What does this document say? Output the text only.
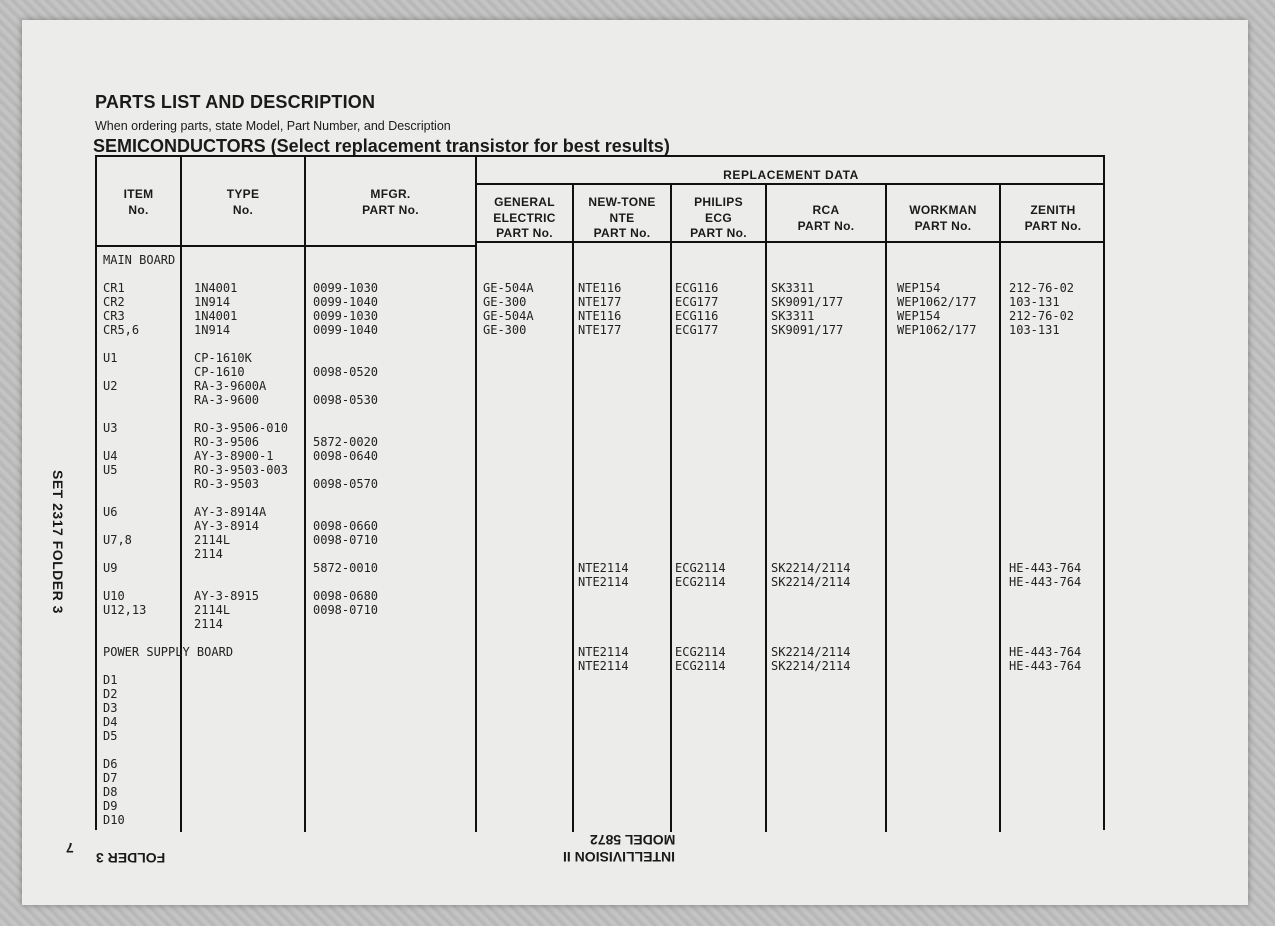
PARTS LIST AND DESCRIPTION
When ordering parts, state Model, Part Number, and Description
SEMICONDUCTORS (Select replacement transistor for best results)
ITEM
No.
TYPE
No.
MFGR.
PART No.
REPLACEMENT DATA
GENERAL
ELECTRIC
PART No.
NEW-TONE
NTE
PART No.
PHILIPS
ECG
PART No.
RCA
PART No.
WORKMAN
PART No.
ZENITH
PART No.
MAIN BOARD

CR1
CR2
CR3
CR5,6

U1

U2

U3

U4
U5

U6

U7,8

U9

U10
U12,13

POWER SUPPLY BOARD

D1
D2
D3
D4
D5

D6
D7
D8
D9
D10

1N4001
1N914
1N4001
1N914

CP-1610K
CP-1610
RA-3-9600A
RA-3-9600

RO-3-9506-010
RO-3-9506
AY-3-8900-1
RO-3-9503-003
RO-3-9503

AY-3-8914A
AY-3-8914
2114L
2114

AY-3-8915
2114L
2114

0099-1030
0099-1040
0099-1030
0099-1040

0098-0520

0098-0530

5872-0020
0098-0640

0098-0570

0098-0660
0098-0710

5872-0010

0098-0680
0098-0710

GE-504A
GE-300
GE-504A
GE-300

NTE116
NTE177
NTE116
NTE177

NTE2114
NTE2114

NTE2114
NTE2114

ECG116
ECG177
ECG116
ECG177

ECG2114
ECG2114

ECG2114
ECG2114

SK3311
SK9091/177
SK3311
SK9091/177

SK2214/2114
SK2214/2114

SK2214/2114
SK2214/2114

WEP154
WEP1062/177
WEP154
WEP1062/177

212-76-02
103-131
212-76-02
103-131

HE-443-764
HE-443-764

HE-443-764
HE-443-764
SET 2317 FOLDER 3
7
FOLDER 3	INTELLIVISION II
MODEL 5872
